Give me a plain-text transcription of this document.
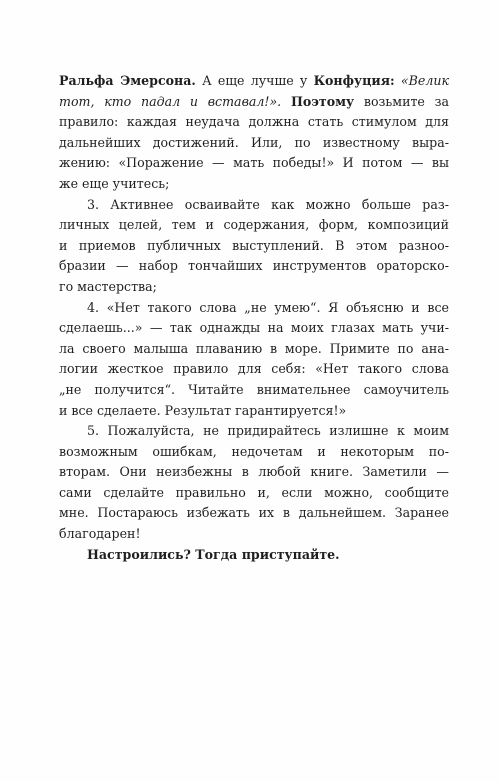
Ральфа Эмерсона. А еще лучше у Конфуция: «Велик
тот, кто падал и вставал!». Поэтому возьмите за
правило: каждая неудача должна стать стимулом для
дальнейших достижений. Или, по известному выра-
жению: «Поражение — мать победы!» И потом — вы
же еще учитесь;
3. Активнее осваивайте как можно больше раз-
личных целей, тем и содержания, форм, композиций
и приемов публичных выступлений. В этом разноо-
бразии — набор тончайших инструментов ораторско-
го мастерства;
4. «Нет такого слова „не умею“. Я объясню и все
сделаешь...» — так однажды на моих глазах мать учи-
ла своего малыша плаванию в море. Примите по ана-
логии жесткое правило для себя: «Нет такого слова
„не получится“. Читайте внимательнее самоучитель
и все сделаете. Результат гарантируется!»
5. Пожалуйста, не придирайтесь излишне к моим
возможным ошибкам, недочетам и некоторым по-
вторам. Они неизбежны в любой книге. Заметили —
сами сделайте правильно и, если можно, сообщите
мне. Постараюсь избежать их в дальнейшем. Заранее
благодарен!
Настроились? Тогда приступайте.
